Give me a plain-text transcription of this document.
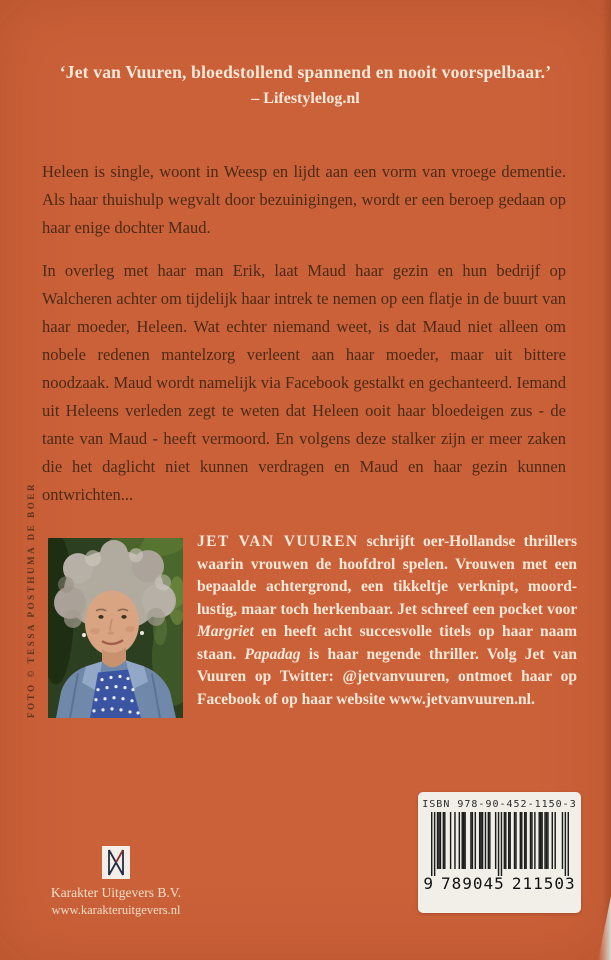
‘Jet van Vuuren, bloedstollend spannend en nooit voorspelbaar.’
– Lifestylelog.nl

Heleen is single, woont in Weesp en lijdt aan een vorm van vroege dementie. Als haar thuishulp wegvalt door bezuinigingen, wordt er een beroep gedaan op haar enige dochter Maud.

In overleg met haar man Erik, laat Maud haar gezin en hun bedrijf op Walcheren achter om tijdelijk haar intrek te nemen op een flatje in de buurt van haar moeder, Heleen. Wat echter niemand weet, is dat Maud niet alleen om nobele redenen mantelzorg verleent aan haar moeder, maar uit bittere noodzaak. Maud wordt namelijk via Facebook gestalkt en gechanteerd. Iemand uit Heleens verleden zegt te weten dat Heleen ooit haar bloedeigen zus - de tante van Maud - heeft vermoord. En volgens deze stalker zijn er meer zaken die het daglicht niet kunnen verdragen en Maud en haar gezin kunnen ontwrichten...

FOTO © TESSA POSTHUMA DE BOER	JET VAN VUUREN schrijft oer-Hollandse thrillers waarin vrouwen de hoofdrol spelen. Vrouwen met een bepaalde achtergrond, een tikkeltje verknipt, moordlustig, maar toch herkenbaar. Jet schreef een pocket voor Margriet en heeft acht succesvolle titels op haar naam staan. Papadag is haar negende thriller. Volg Jet van Vuuren op Twitter: @jetvanvuuren, ontmoet haar op Facebook of op haar website www.jetvanvuuren.nl.
Karakter Uitgevers B.V.
www.karakteruitgevers.nl
ISBN 978-90-452-1150-3
9 789045 211503
